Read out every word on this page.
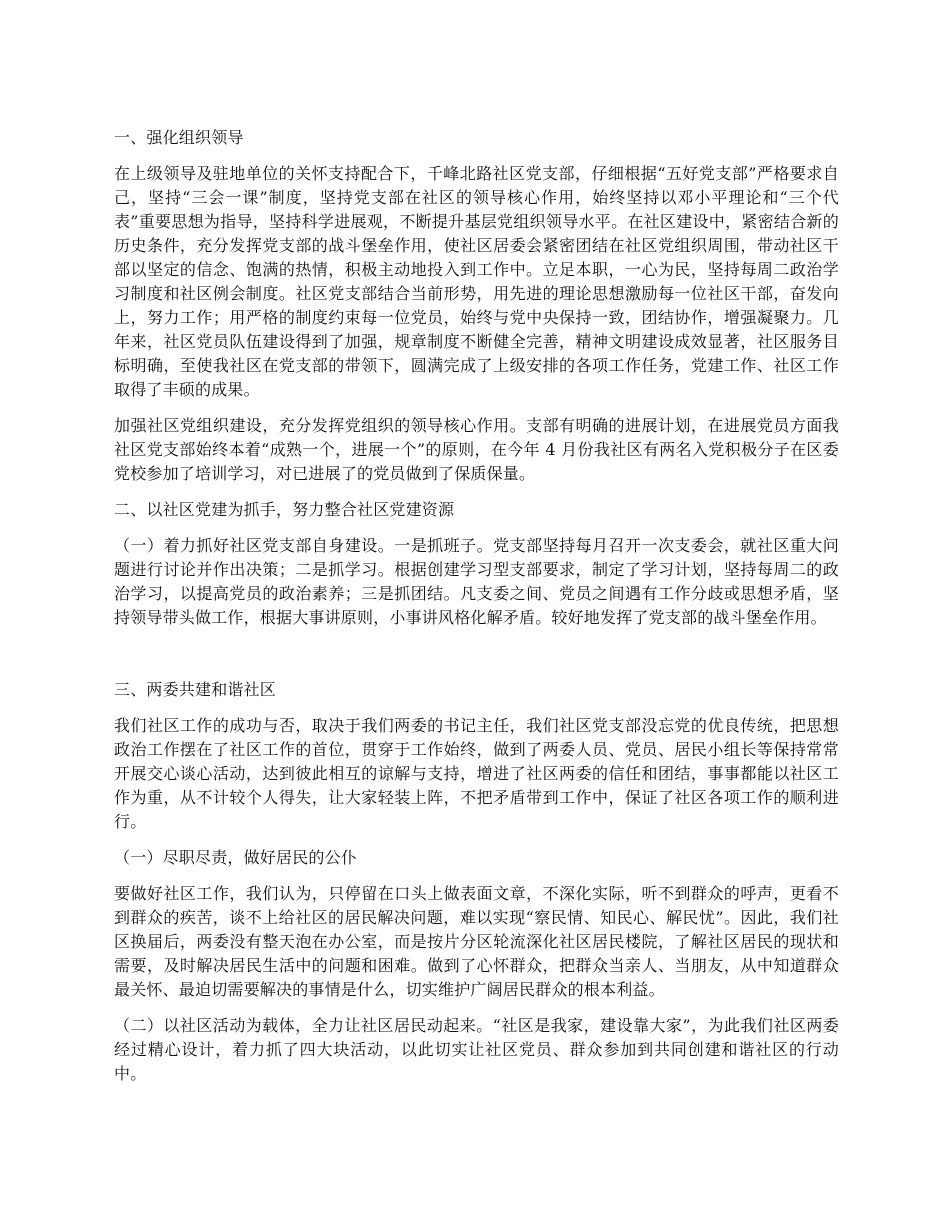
一、强化组织领导

在上级领导及驻地单位的关怀支持配合下，千峰北路社区党支部，仔细根据“五好党支部”严格要求自己，坚持“三会一课”制度，坚持党支部在社区的领导核心作用，始终坚持以邓小平理论和“三个代表”重要思想为指导，坚持科学进展观，不断提升基层党组织领导水平。在社区建设中，紧密结合新的历史条件，充分发挥党支部的战斗堡垒作用，使社区居委会紧密团结在社区党组织周围，带动社区干部以坚定的信念、饱满的热情，积极主动地投入到工作中。立足本职，一心为民，坚持每周二政治学习制度和社区例会制度。社区党支部结合当前形势，用先进的理论思想激励每一位社区干部，奋发向上，努力工作；用严格的制度约束每一位党员，始终与党中央保持一致，团结协作，增强凝聚力。几年来，社区党员队伍建设得到了加强，规章制度不断健全完善，精神文明建设成效显著，社区服务目标明确，至使我社区在党支部的带领下，圆满完成了上级安排的各项工作任务，党建工作、社区工作取得了丰硕的成果。

加强社区党组织建设，充分发挥党组织的领导核心作用。支部有明确的进展计划，在进展党员方面我社区党支部始终本着“成熟一个，进展一个”的原则，在今年 4 月份我社区有两名入党积极分子在区委党校参加了培训学习，对已进展了的党员做到了保质保量。

二、以社区党建为抓手，努力整合社区党建资源

（一）着力抓好社区党支部自身建设。一是抓班子。党支部坚持每月召开一次支委会，就社区重大问题进行讨论并作出决策；二是抓学习。根据创建学习型支部要求，制定了学习计划，坚持每周二的政治学习，以提高党员的政治素养；三是抓团结。凡支委之间、党员之间遇有工作分歧或思想矛盾，坚持领导带头做工作，根据大事讲原则，小事讲风格化解矛盾。较好地发挥了党支部的战斗堡垒作用。

三、两委共建和谐社区

我们社区工作的成功与否，取决于我们两委的书记主任，我们社区党支部没忘党的优良传统，把思想政治工作摆在了社区工作的首位，贯穿于工作始终，做到了两委人员、党员、居民小组长等保持常常开展交心谈心活动，达到彼此相互的谅解与支持，增进了社区两委的信任和团结，事事都能以社区工作为重，从不计较个人得失，让大家轻装上阵，不把矛盾带到工作中，保证了社区各项工作的顺利进行。

（一）尽职尽责，做好居民的公仆

要做好社区工作，我们认为，只停留在口头上做表面文章，不深化实际，听不到群众的呼声，更看不到群众的疾苦，谈不上给社区的居民解决问题，难以实现“察民情、知民心、解民忧”。因此，我们社区换届后，两委没有整天泡在办公室，而是按片分区轮流深化社区居民楼院，了解社区居民的现状和需要，及时解决居民生活中的问题和困难。做到了心怀群众，把群众当亲人、当朋友，从中知道群众最关怀、最迫切需要解决的事情是什么，切实维护广阔居民群众的根本利益。

（二）以社区活动为载体，全力让社区居民动起来。“社区是我家，建设靠大家”，为此我们社区两委经过精心设计，着力抓了四大块活动，以此切实让社区党员、群众参加到共同创建和谐社区的行动中。
